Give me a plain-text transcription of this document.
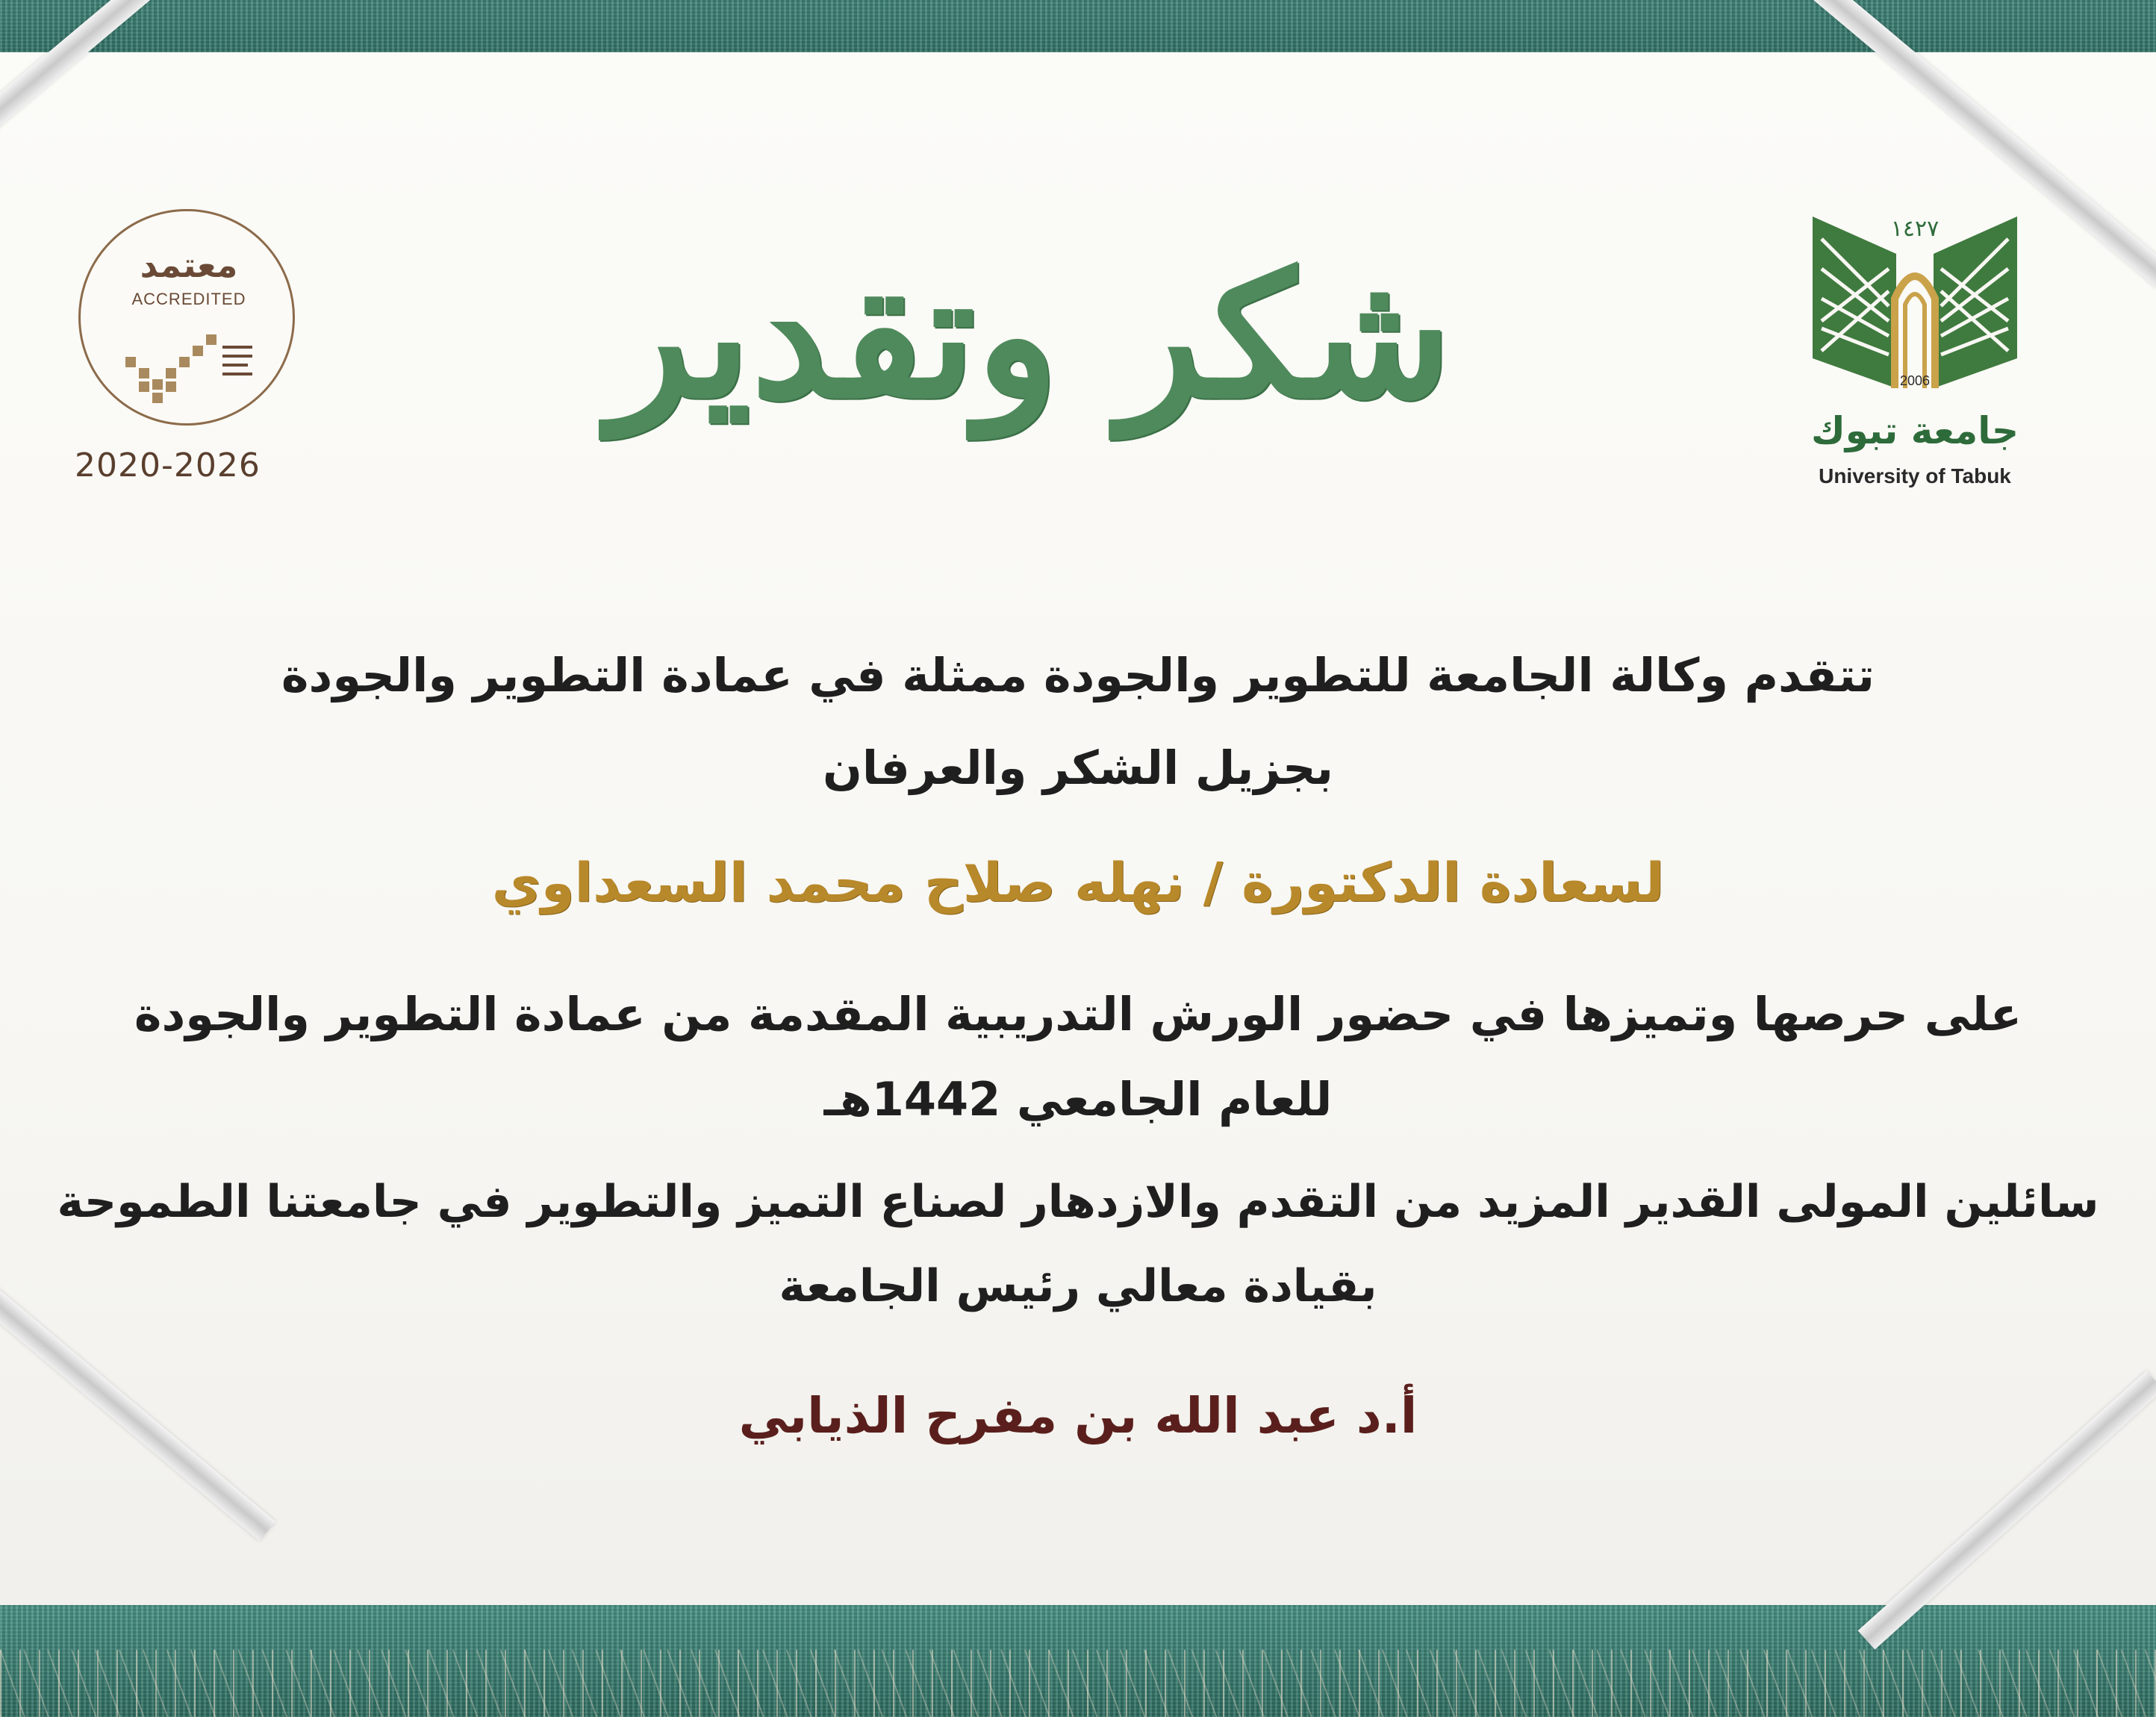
معتمد
ACCREDITED
2020-2026
١٤٢٧
2006
جامعة تبوك
University of Tabuk
شكر وتقدير
تتقدم وكالة الجامعة للتطوير والجودة ممثلة في عمادة التطوير والجودة
بجزيل الشكر والعرفان
لسعادة الدكتورة / نهله صلاح محمد السعداوي
على حرصها وتميزها في حضور الورش التدريبية المقدمة من عمادة التطوير والجودة
للعام الجامعي 1442هـ
سائلين المولى القدير المزيد من التقدم والازدهار لصناع التميز والتطوير في جامعتنا الطموحة
بقيادة معالي رئيس الجامعة
أ.د عبد الله بن مفرح الذيابي
